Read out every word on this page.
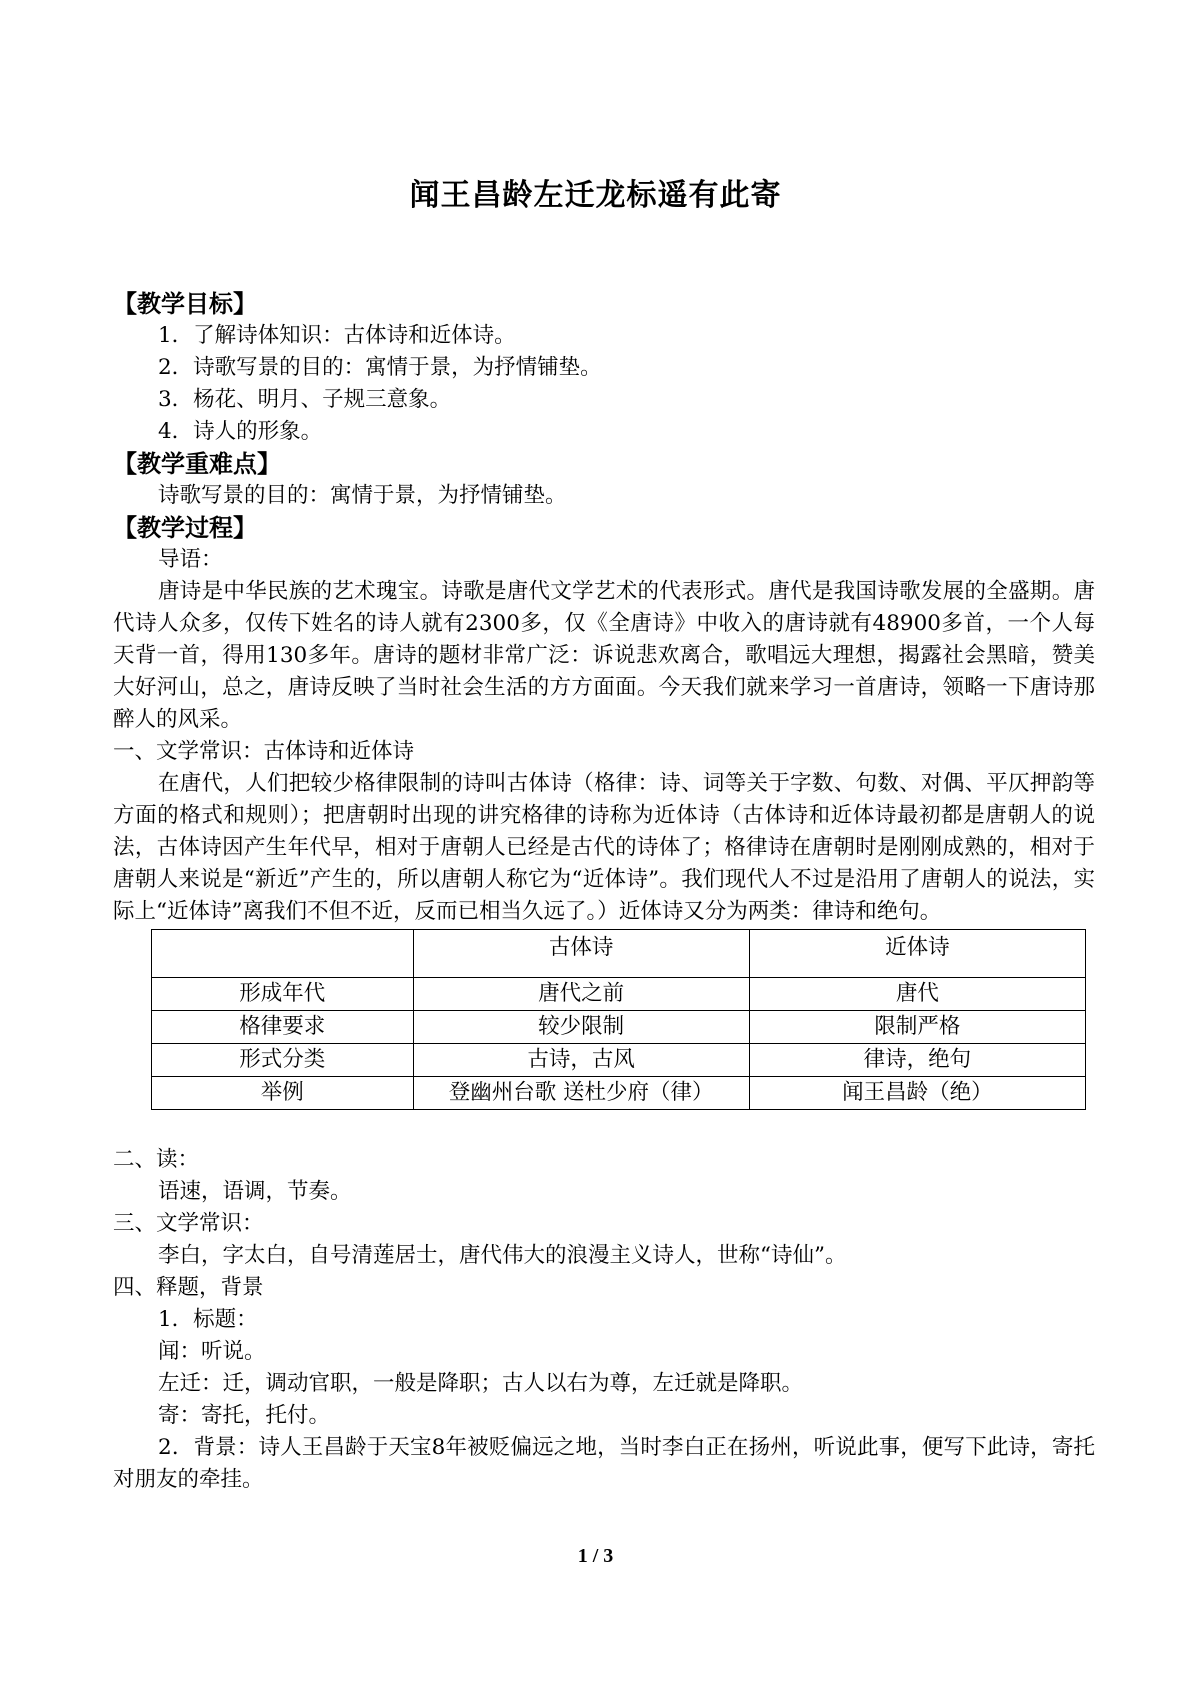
闻王昌龄左迁龙标遥有此寄

【教学目标】

1．了解诗体知识：古体诗和近体诗。

2．诗歌写景的目的：寓情于景，为抒情铺垫。

3．杨花、明月、子规三意象。

4．诗人的形象。

【教学重难点】

诗歌写景的目的：寓情于景，为抒情铺垫。

【教学过程】

导语：

唐诗是中华民族的艺术瑰宝。诗歌是唐代文学艺术的代表形式。唐代是我国诗歌发展的全盛期。唐代诗人众多，仅传下姓名的诗人就有2300多，仅《全唐诗》中收入的唐诗就有48900多首，一个人每天背一首，得用130多年。唐诗的题材非常广泛：诉说悲欢离合，歌唱远大理想，揭露社会黑暗，赞美大好河山，总之，唐诗反映了当时社会生活的方方面面。今天我们就来学习一首唐诗，领略一下唐诗那醉人的风采。

一、文学常识：古体诗和近体诗

在唐代，人们把较少格律限制的诗叫古体诗（格律：诗、词等关于字数、句数、对偶、平仄押韵等方面的格式和规则）；把唐朝时出现的讲究格律的诗称为近体诗（古体诗和近体诗最初都是唐朝人的说法，古体诗因产生年代早，相对于唐朝人已经是古代的诗体了；格律诗在唐朝时是刚刚成熟的，相对于唐朝人来说是“新近”产生的，所以唐朝人称它为“近体诗”。我们现代人不过是沿用了唐朝人的说法，实际上“近体诗”离我们不但不近，反而已相当久远了。）近体诗又分为两类：律诗和绝句。

	古体诗	近体诗
形成年代	唐代之前	唐代
格律要求	较少限制	限制严格
形式分类	古诗，古风	律诗，绝句
举例	登幽州台歌 送杜少府（律）	闻王昌龄（绝）

二、读：

语速，语调，节奏。

三、文学常识：

李白，字太白，自号清莲居士，唐代伟大的浪漫主义诗人，世称“诗仙”。

四、释题，背景

1．标题：

闻：听说。

左迁：迁，调动官职，一般是降职；古人以右为尊，左迁就是降职。

寄：寄托，托付。

2．背景：诗人王昌龄于天宝8年被贬偏远之地，当时李白正在扬州，听说此事，便写下此诗，寄托对朋友的牵挂。

1 / 3
